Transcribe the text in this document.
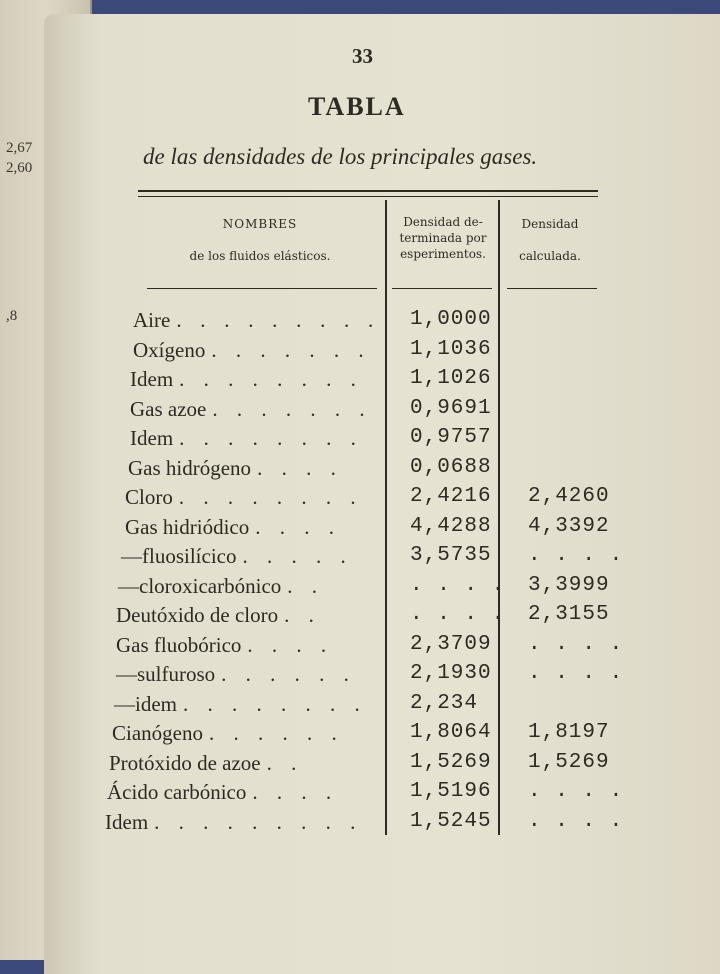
2,67
2,60
,8
33
TABLA
de las densidades de los principales gases.
NOMBRES
de los fluidos elásticos.
Densidad de-
terminada por
esperimentos.
Densidad
calculada.
Aire . . . . . . . . . 1,0000
Oxígeno . . . . . . . 1,1036
Idem . . . . . . . . 1,1026
Gas azoe . . . . . . . 0,9691
Idem . . . . . . . . 0,9757
Gas hidrógeno . . . .	0,0688
Cloro . . . . . . . . 2,4216 2,4260
Gas hidriódico . . . .	4,4288 4,3392
—fluosilícico . . . . .	3,5735 . . . .
—cloroxicarbónico . .	. . . . 3,3999
Deutóxido de cloro . .	. . . . 2,3155
Gas fluobórico . . . .	2,3709 . . . .
—sulfuroso . . . . . .	2,1930 . . . .
—idem . . . . . . . . 2,234
Cianógeno . . . . . .	1,8064 1,8197
Protóxido de azoe . .	1,5269 1,5269
Ácido carbónico . . . .	1,5196 . . . .
Idem . . . . . . . . . 1,5245 . . . .
